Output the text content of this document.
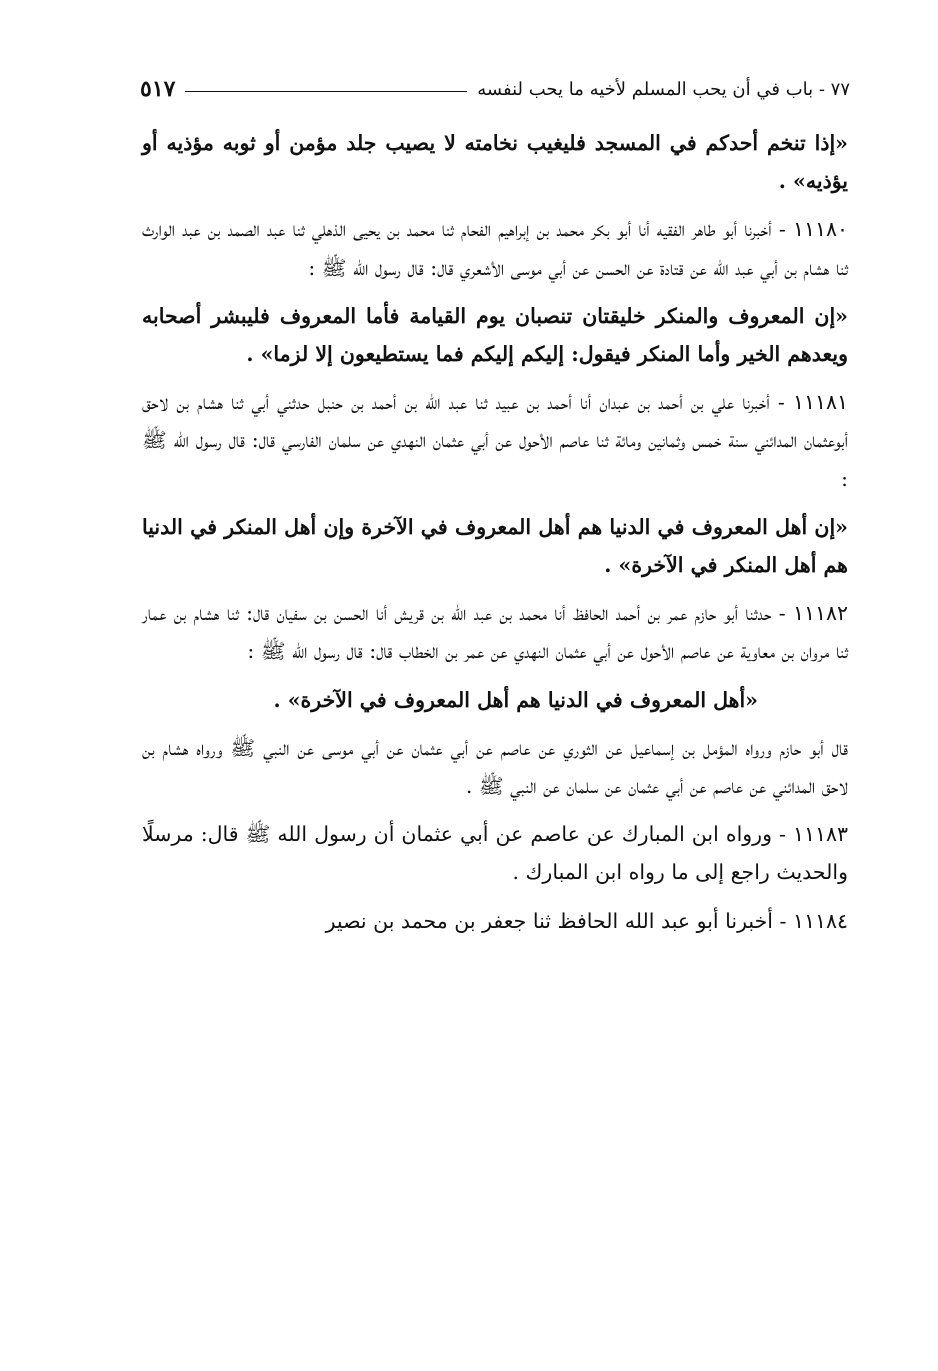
٧٧ - باب في أن يحب المسلم لأخيه ما يحب لنفسه
٥١٧

«إذا تنخم أحدكم في المسجد فليغيب نخامته لا يصيب جلد مؤمن أو ثوبه مؤذيه أو يؤذيه» .

١١١٨٠ - أخبرنا أبو طاهر الفقيه أنا أبو بكر محمد بن إبراهيم الفحام ثنا محمد بن يحيى الذهلي ثنا عبد الصمد بن عبد الوارث ثنا هشام بن أبي عبد الله عن قتادة عن الحسن عن أبي موسى الأشعري قال: قال رسول الله ﷺ :

«إن المعروف والمنكر خليقتان تنصبان يوم القيامة فأما المعروف فليبشر أصحابه ويعدهم الخير وأما المنكر فيقول: إليكم إليكم فما يستطيعون إلا لزما» .

١١١٨١ - أخبرنا علي بن أحمد بن عبدان أنا أحمد بن عبيد ثنا عبد الله بن أحمد بن حنبل حدثني أبي ثنا هشام بن لاحق أبوعثمان المدائني سنة خمس وثمانين ومائة ثنا عاصم الأحول عن أبي عثمان النهدي عن سلمان الفارسي قال: قال رسول الله ﷺ :

«إن أهل المعروف في الدنيا هم أهل المعروف في الآخرة وإن أهل المنكر في الدنيا هم أهل المنكر في الآخرة» .

١١١٨٢ - حدثنا أبو حازم عمر بن أحمد الحافظ أنا محمد بن عبد الله بن قريش أنا الحسن بن سفيان قال: ثنا هشام بن عمار ثنا مروان بن معاوية عن عاصم الأحول عن أبي عثمان النهدي عن عمر بن الخطاب قال: قال رسول الله ﷺ :

«أهل المعروف في الدنيا هم أهل المعروف في الآخرة» .

قال أبو حازم ورواه المؤمل بن إسماعيل عن الثوري عن عاصم عن أبي عثمان عن أبي موسى عن النبي ﷺ ورواه هشام بن لاحق المدائني عن عاصم عن أبي عثمان عن سلمان عن النبي ﷺ .

١١١٨٣ - ورواه ابن المبارك عن عاصم عن أبي عثمان أن رسول الله ﷺ قال: مرسلًا والحديث راجع إلى ما رواه ابن المبارك .

١١١٨٤ - أخبرنا أبو عبد الله الحافظ ثنا جعفر بن محمد بن نصير
